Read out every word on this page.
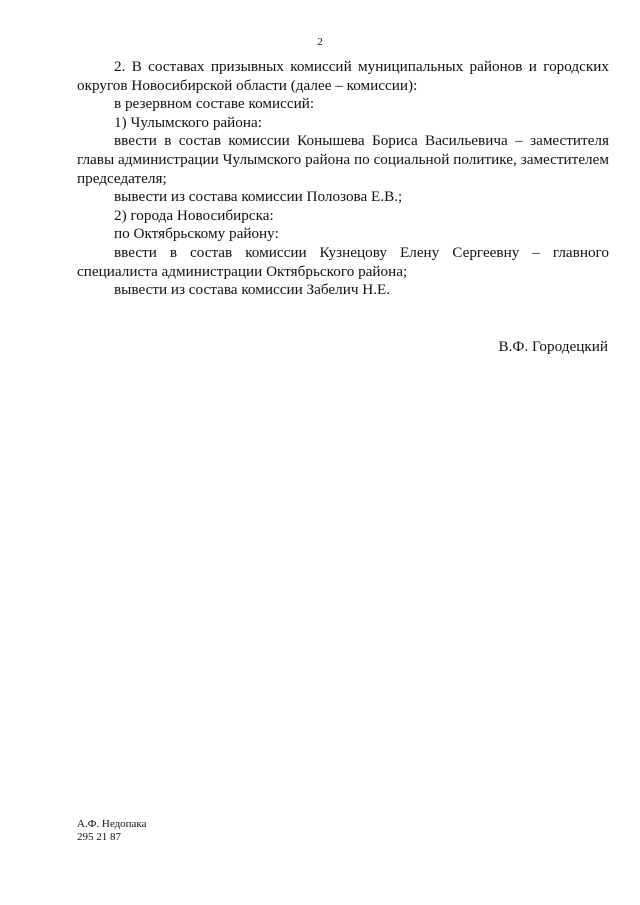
2

2. В составах призывных комиссий муниципальных районов и городских округов Новосибирской области (далее – комиссии):

в резервном составе комиссий:

1) Чулымского района:

ввести в состав комиссии Конышева Бориса Васильевича – заместителя главы администрации Чулымского района по социальной политике, заместителем председателя;

вывести из состава комиссии Полозова Е.В.;

2) города Новосибирска:

по Октябрьскому району:

ввести в состав комиссии Кузнецову Елену Сергеевну – главного специалиста администрации Октябрьского района;

вывести из состава комиссии Забелич Н.Е.

В.Ф. Городецкий
А.Ф. Недопака
295 21 87
